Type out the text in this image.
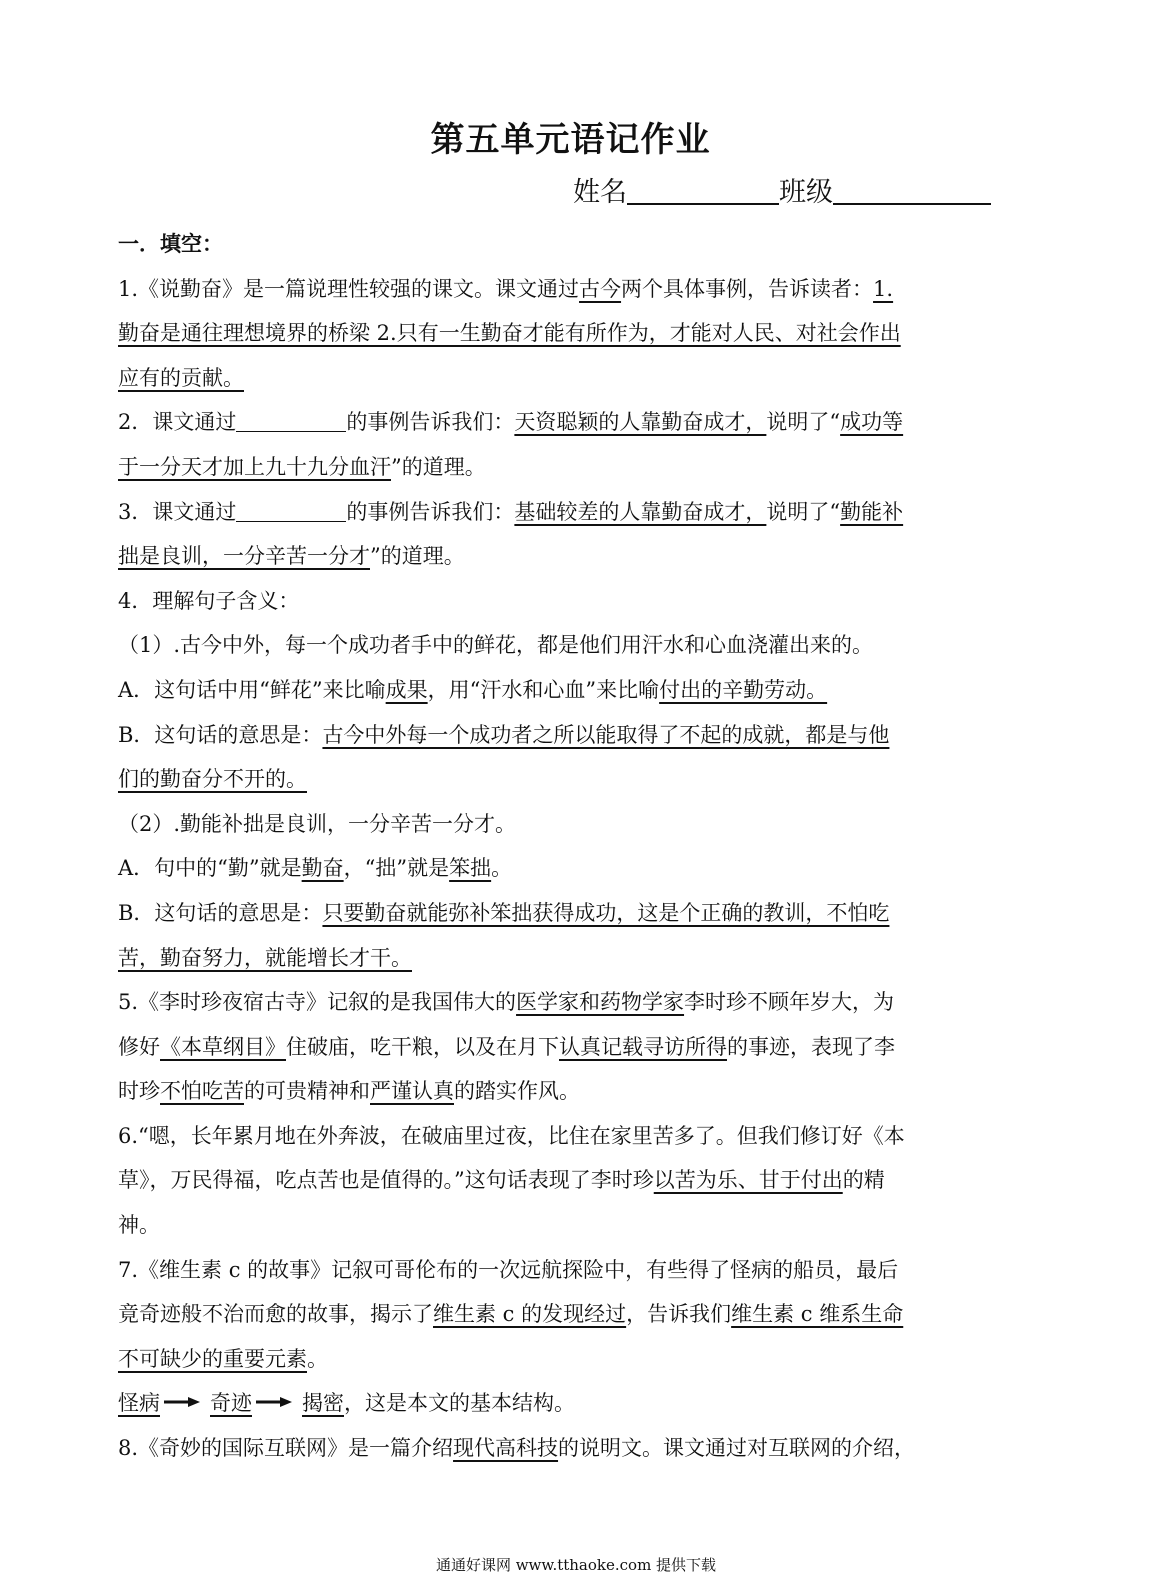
第五单元语记作业
姓名	班级
一．填空：
1.《说勤奋》是一篇说理性较强的课文。课文通过古今两个具体事例，告诉读者：1.
勤奋是通往理想境界的桥梁 2.只有一生勤奋才能有所作为，才能对人民、对社会作出
应有的贡献。
2．课文通过	的事例告诉我们：天资聪颖的人靠勤奋成才，说明了“成功等
于一分天才加上九十九分血汗”的道理。
3．课文通过	的事例告诉我们：基础较差的人靠勤奋成才，说明了“勤能补
拙是良训，一分辛苦一分才”的道理。
4．理解句子含义：
（1）.古今中外，每一个成功者手中的鲜花，都是他们用汗水和心血浇灌出来的。
A．这句话中用“鲜花”来比喻成果，用“汗水和心血”来比喻付出的辛勤劳动。
B．这句话的意思是：古今中外每一个成功者之所以能取得了不起的成就，都是与他
们的勤奋分不开的。
（2）.勤能补拙是良训，一分辛苦一分才。
A．句中的“勤”就是勤奋，“拙”就是笨拙。
B．这句话的意思是：只要勤奋就能弥补笨拙获得成功，这是个正确的教训，不怕吃
苦，勤奋努力，就能增长才干。
5.《李时珍夜宿古寺》记叙的是我国伟大的医学家和药物学家李时珍不顾年岁大，为
修好《本草纲目》住破庙，吃干粮，以及在月下认真记载寻访所得的事迹，表现了李
时珍不怕吃苦的可贵精神和严谨认真的踏实作风。
6.“嗯，长年累月地在外奔波，在破庙里过夜，比住在家里苦多了。但我们修订好《本
草》，万民得福，吃点苦也是值得的。”这句话表现了李时珍以苦为乐、甘于付出的精
神。
7.《维生素 c 的故事》记叙可哥伦布的一次远航探险中，有些得了怪病的船员，最后
竟奇迹般不治而愈的故事，揭示了维生素 c 的发现经过，告诉我们维生素 c 维系生命
不可缺少的重要元素。
怪病 奇迹 揭密，这是本文的基本结构。
8.《奇妙的国际互联网》是一篇介绍现代高科技的说明文。课文通过对互联网的介绍，
通通好课网 www.tthaoke.com 提供下载
